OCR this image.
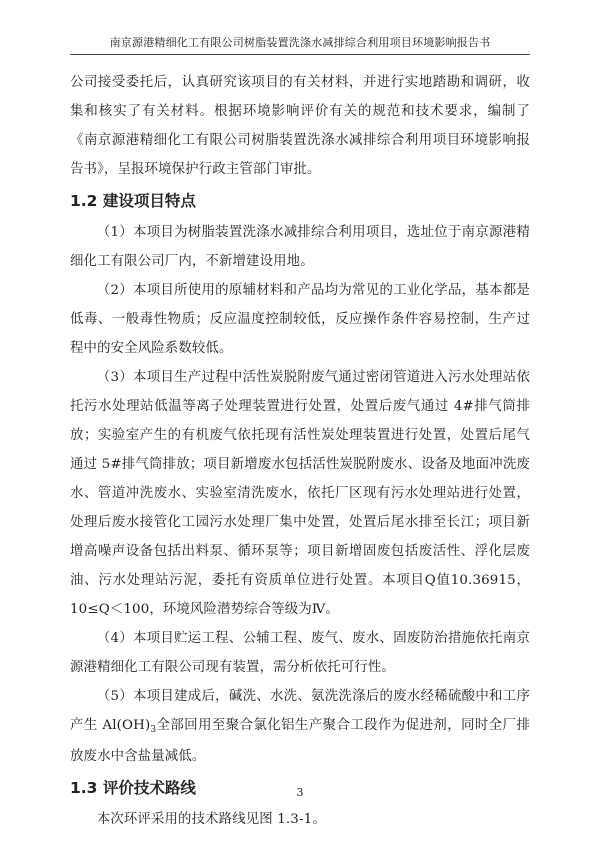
南京源港精细化工有限公司树脂装置洗涤水减排综合利用项目环境影响报告书

公司接受委托后，认真研究该项目的有关材料，并进行实地踏勘和调研，收集和核实了有关材料。根据环境影响评价有关的规范和技术要求，编制了《南京源港精细化工有限公司树脂装置洗涤水减排综合利用项目环境影响报告书》，呈报环境保护行政主管部门审批。

1.2 建设项目特点

（1）本项目为树脂装置洗涤水减排综合利用项目，选址位于南京源港精细化工有限公司厂内，不新增建设用地。

（2）本项目所使用的原辅材料和产品均为常见的工业化学品，基本都是低毒、一般毒性物质；反应温度控制较低，反应操作条件容易控制，生产过程中的安全风险系数较低。

（3）本项目生产过程中活性炭脱附废气通过密闭管道进入污水处理站依托污水处理站低温等离子处理装置进行处置，处置后废气通过 4#排气筒排放；实验室产生的有机废气依托现有活性炭处理装置进行处置，处置后尾气通过 5#排气筒排放；项目新增废水包括活性炭脱附废水、设备及地面冲洗废水、管道冲洗废水、实验室清洗废水，依托厂区现有污水处理站进行处置，处理后废水接管化工园污水处理厂集中处置，处置后尾水排至长江；项目新增高噪声设备包括出料泵、循环泵等；项目新增固废包括废活性、浮化层废油、污水处理站污泥，委托有资质单位进行处置。本项目Q值10.36915，10≤Q＜100，环境风险潜势综合等级为Ⅳ。

（4）本项目贮运工程、公辅工程、废气、废水、固废防治措施依托南京源港精细化工有限公司现有装置，需分析依托可行性。

（5）本项目建成后，碱洗、水洗、氨洗洗涤后的废水经稀硫酸中和工序产生 $Al(OH)_3$全部回用至聚合氯化铝生产聚合工段作为促进剂，同时全厂排放废水中含盐量减低。

1.3 评价技术路线

本次环评采用的技术路线见图 1.3-1。

3
